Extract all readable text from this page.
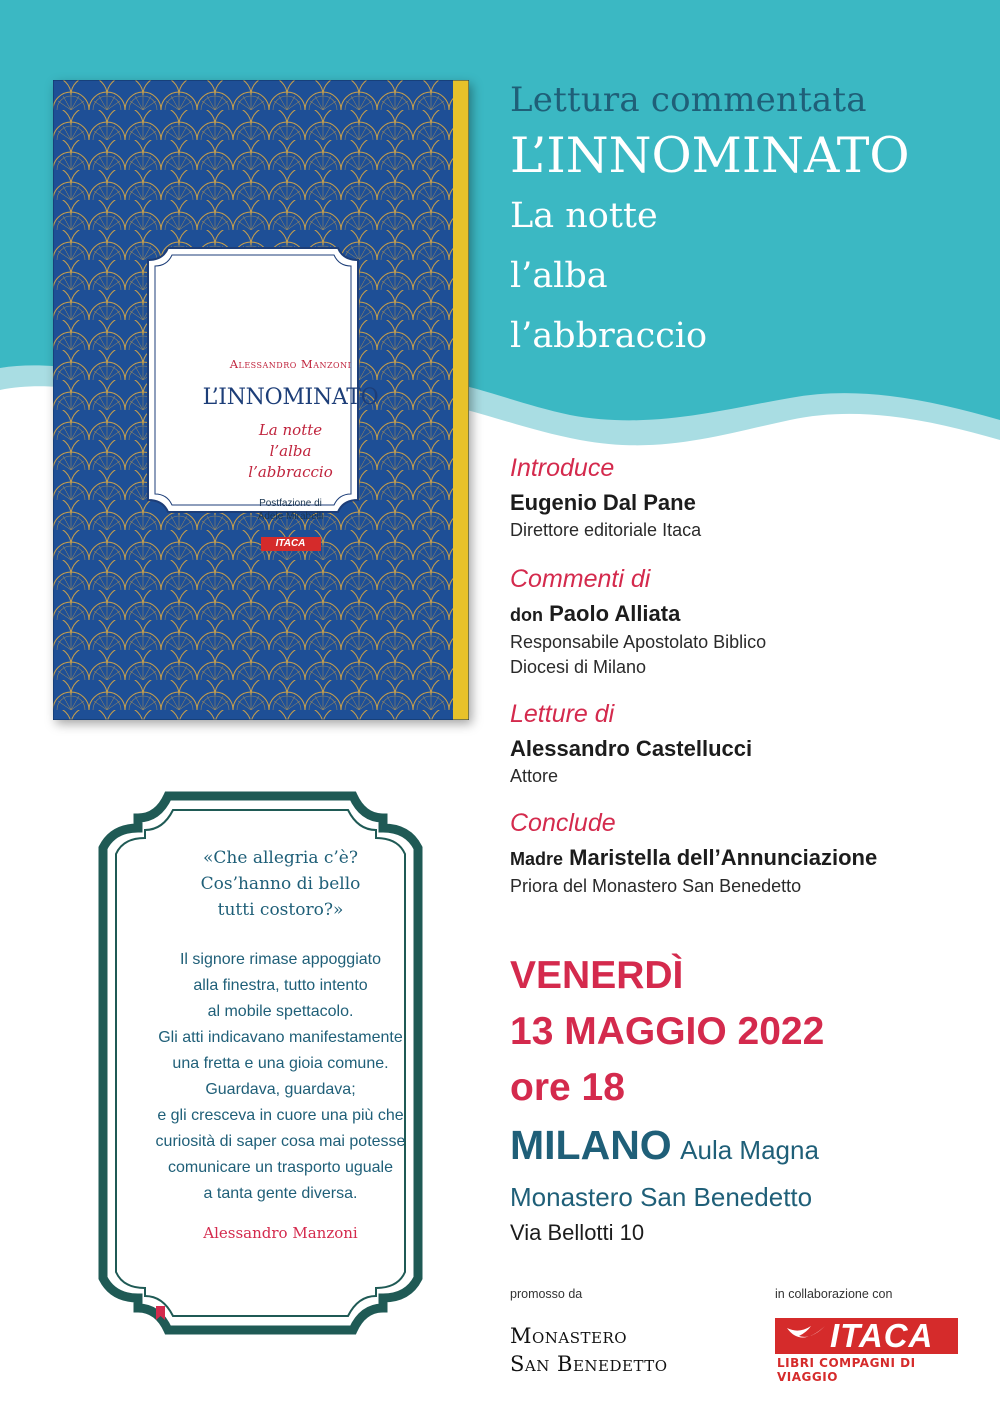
Lettura commentata
L’INNOMINATO
La notte
l’alba
l’abbraccio
Alessandro Manzoni
L’INNOMINATO
La notte
l’alba
l’abbraccio
Postfazione di
Adele Mirabelli
ITACA
Introduce
Eugenio Dal Pane
Direttore editoriale Itaca
Commenti di
don Paolo Alliata
Responsabile Apostolato Biblico
Diocesi di Milano
Letture di
Alessandro Castellucci
Attore
Conclude
Madre Maristella dell’Annunciazione
Priora del Monastero San Benedetto
VENERDÌ
13 MAGGIO 2022
ore 18
MILANO Aula Magna
Monastero San Benedetto
Via Bellotti 10
«Che allegria c’è?
Cos’hanno di bello
tutti costoro?»
Il signore rimase appoggiato
alla finestra, tutto intento
al mobile spettacolo.
Gli atti indicavano manifestamente
una fretta e una gioia comune.
Guardava, guardava;
e gli cresceva in cuore una più che
curiosità di saper cosa mai potesse
comunicare un trasporto uguale
a tanta gente diversa.
Alessandro Manzoni
promosso da
Monastero
San Benedetto
in collaborazione con
ITACA
LIBRI COMPAGNI DI VIAGGIO
